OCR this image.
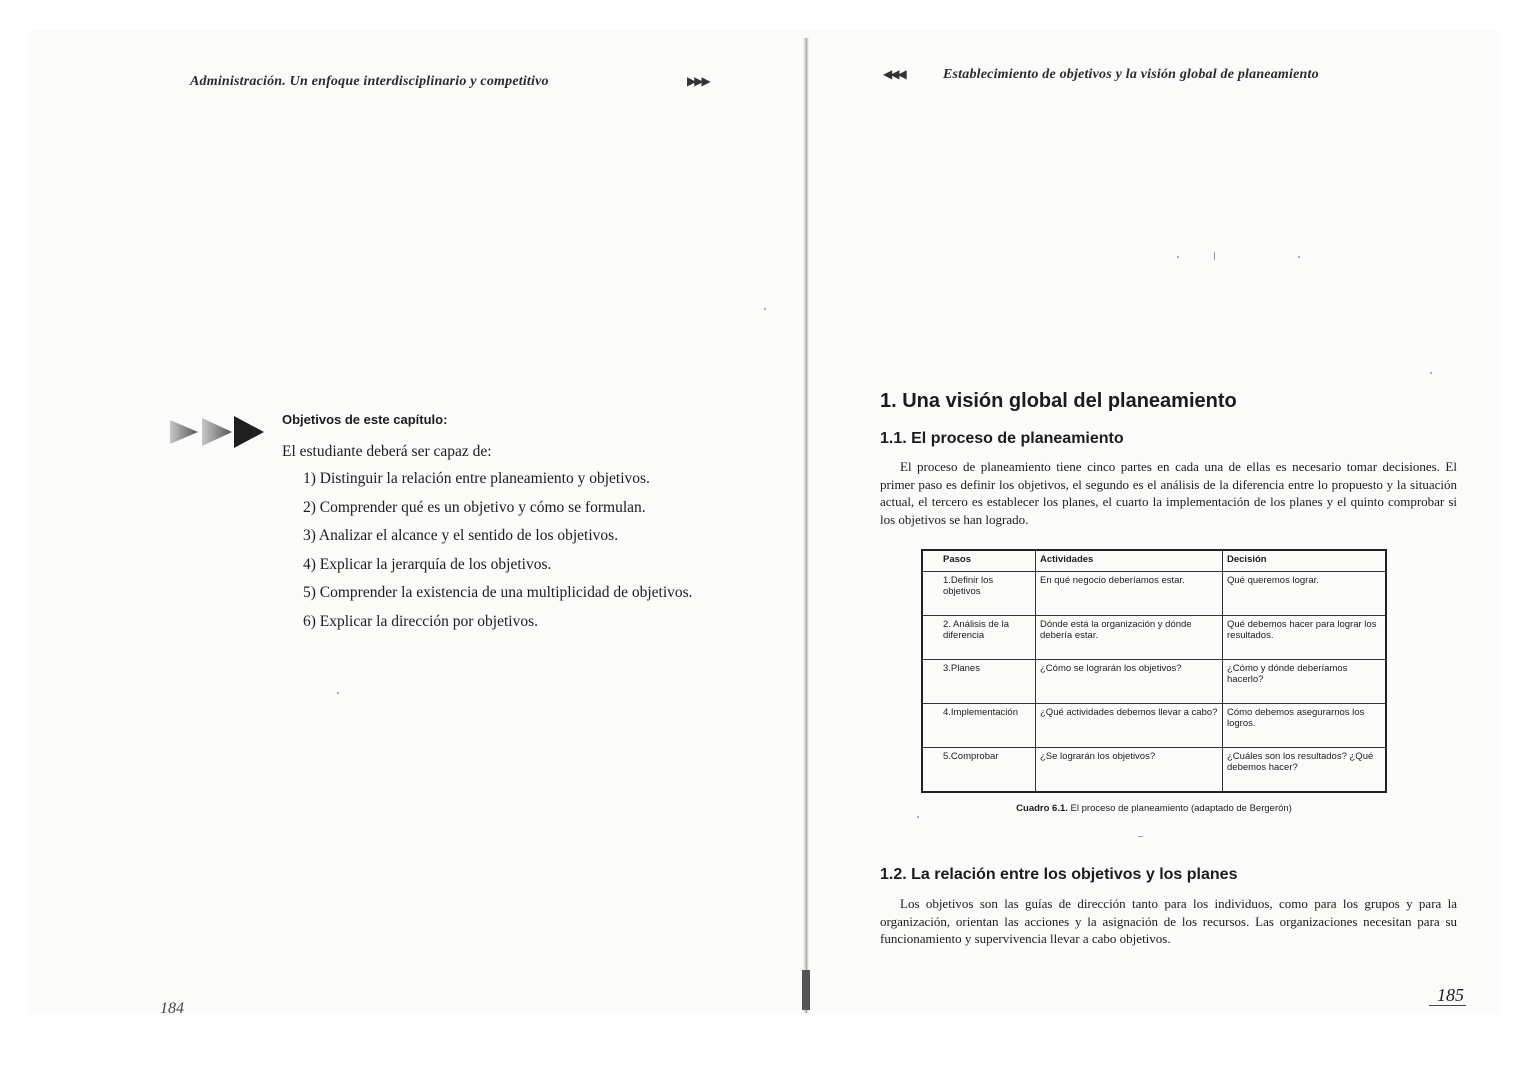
Administración. Un enfoque interdisciplinario y competitivo	▶▶▶
Objetivos de este capítulo:
El estudiante deberá ser capaz de:
1) Distinguir la relación entre planeamiento y objetivos.
2) Comprender qué es un objetivo y cómo se formulan.
3) Analizar el alcance y el sentido de los objetivos.
4) Explicar la jerarquía de los objetivos.
5) Comprender la existencia de una multiplicidad de objetivos.
6) Explicar la dirección por objetivos.
◀◀◀	Establecimiento de objetivos y la visión global de planeamiento
1. Una visión global del planeamiento
1.1. El proceso de planeamiento

El proceso de planeamiento tiene cinco partes en cada una de ellas es necesario tomar decisiones. El primer paso es definir los objetivos, el segundo es el análisis de la diferencia entre lo propuesto y la situación actual, el tercero es establecer los planes, el cuarto la implementación de los planes y el quinto comprobar si los objetivos se han logrado.

Pasos	Actividades	Decisión
1.Definir los objetivos	En qué negocio deberíamos estar.	Qué queremos lograr.
2. Análisis de la diferencia	Dónde está la organización y dónde debería estar.	Qué debemos hacer para lograr los resultados.
3.Planes	¿Cómo se lograrán los objetivos?	¿Cómo y dónde deberíamos hacerlo?
4.Implementación	¿Qué actividades debemos llevar a cabo?	Cómo debemos asegurarnos los logros.
5.Comprobar	¿Se lograrán los objetivos?	¿Cuáles son los resultados? ¿Qué debemos hacer?
Cuadro 6.1. El proceso de planeamiento (adaptado de Bergerón)
1.2. La relación entre los objetivos y los planes

Los objetivos son las guías de dirección tanto para los individuos, como para los grupos y para la organización, orientan las acciones y la asignación de los recursos. Las organizaciones necesitan para su funcionamiento y supervivencia llevar a cabo objetivos.

185
